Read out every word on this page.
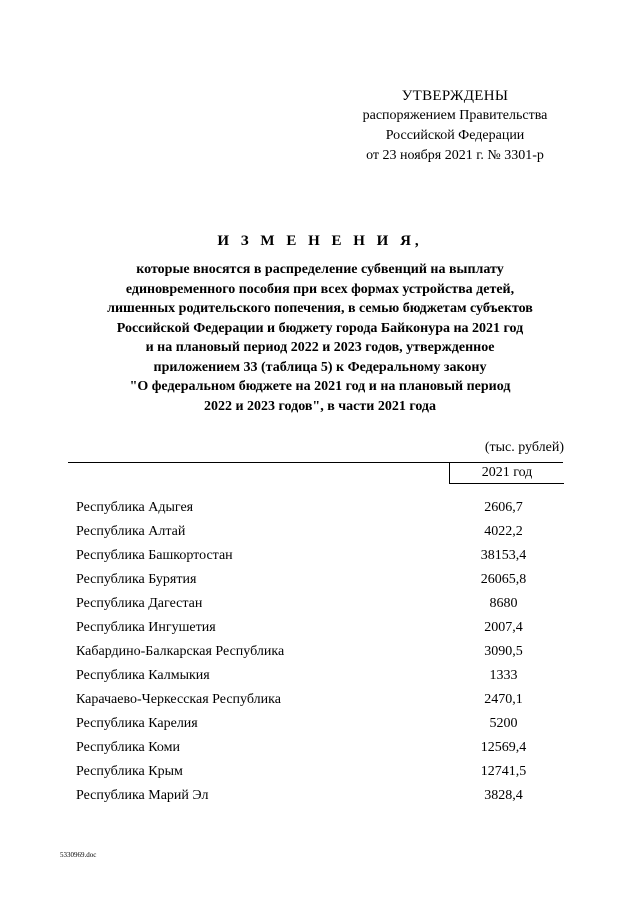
УТВЕРЖДЕНЫ
распоряжением Правительства
Российской Федерации
от 23 ноября 2021 г. № 3301-р
И З М Е Н Е Н И Я,
которые вносятся в распределение субвенций на выплату
единовременного пособия при всех формах устройства детей,
лишенных родительского попечения, в семью бюджетам субъектов
Российской Федерации и бюджету города Байконура на 2021 год
и на плановый период 2022 и 2023 годов, утвержденное
приложением 33 (таблица 5) к Федеральному закону
"О федеральном бюджете на 2021 год и на плановый период
2022 и 2023 годов", в части 2021 года
(тыс. рублей)
2021 год
Республика Адыгея	2606,7
Республика Алтай	4022,2
Республика Башкортостан	38153,4
Республика Бурятия	26065,8
Республика Дагестан	8680
Республика Ингушетия	2007,4
Кабардино-Балкарская Республика	3090,5
Республика Калмыкия	1333
Карачаево-Черкесская Республика	2470,1
Республика Карелия	5200
Республика Коми	12569,4
Республика Крым	12741,5
Республика Марий Эл	3828,4
5330969.doc
